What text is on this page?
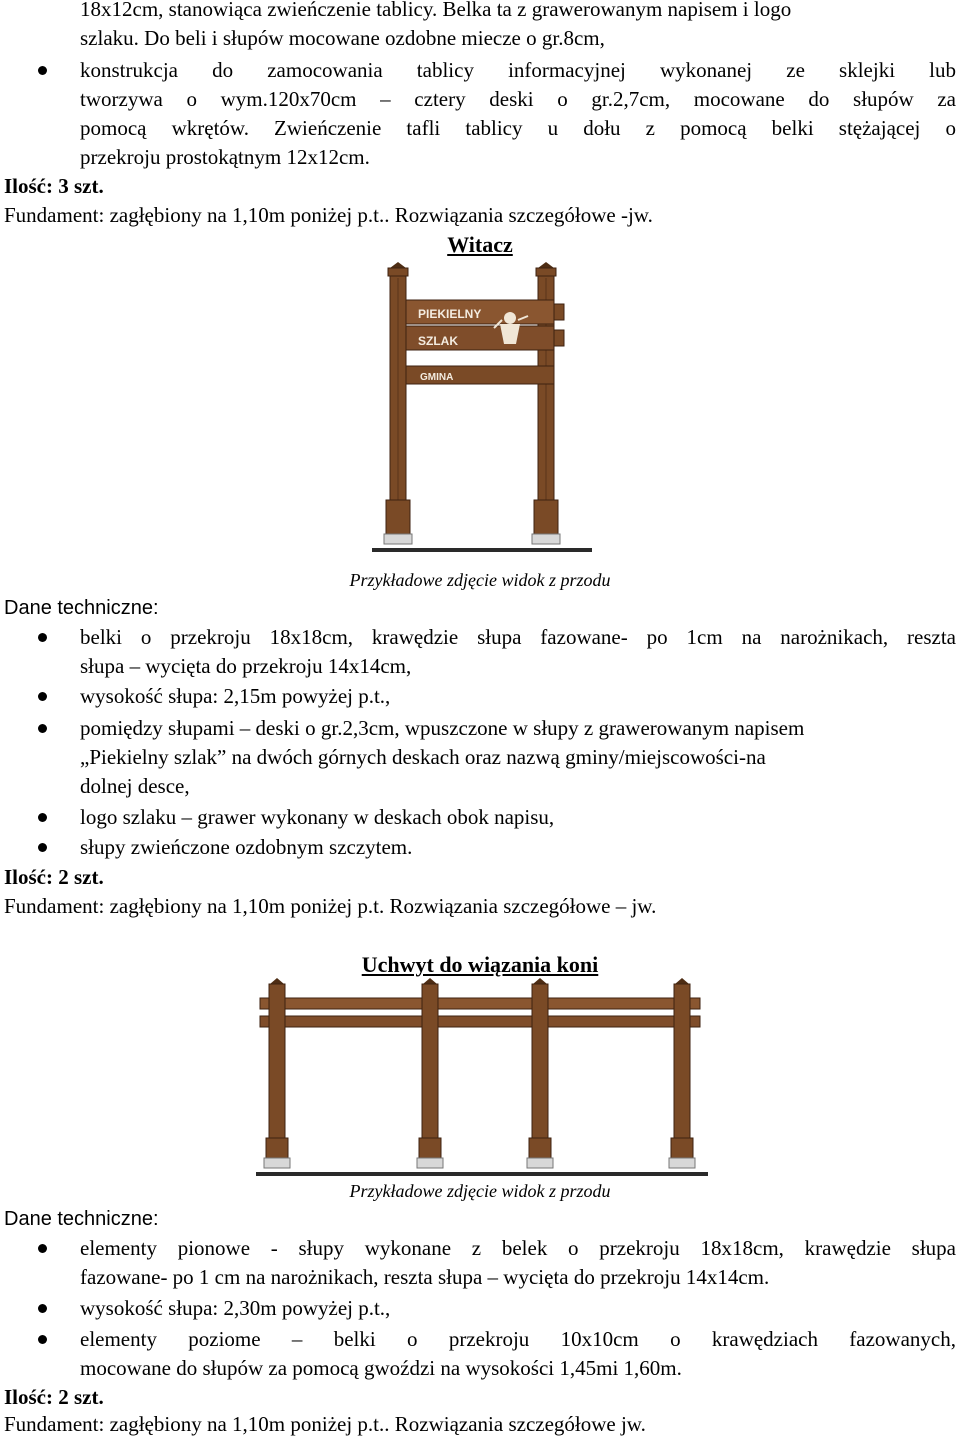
18x12cm, stanowiąca zwieńczenie tablicy. Belka ta z grawerowanym napisem i logo
szlaku. Do beli i słupów mocowane ozdobne miecze o gr.8cm,
konstrukcja do zamocowania tablicy informacyjnej wykonanej ze sklejki lub
tworzywa o wym.120x70cm – cztery deski o gr.2,7cm, mocowane do słupów za
pomocą wkrętów. Zwieńczenie tafli tablicy u dołu z pomocą belki stężającej o
przekroju prostokątnym 12x12cm.
Ilość: 3 szt.
Fundament: zagłębiony na 1,10m poniżej p.t.. Rozwiązania szczegółowe -jw.
Witacz
PIEKIELNY
SZLAK
GMINA
Przykładowe zdjęcie widok z przodu
Dane techniczne:
belki o przekroju 18x18cm, krawędzie słupa fazowane- po 1cm na narożnikach, reszta
słupa – wycięta do przekroju 14x14cm,
wysokość słupa: 2,15m powyżej p.t.,
pomiędzy słupami – deski o gr.2,3cm, wpuszczone w słupy z grawerowanym napisem
„Piekielny szlak” na dwóch górnych deskach oraz nazwą gminy/miejscowości-na
dolnej desce,
logo szlaku – grawer wykonany w deskach obok napisu,
słupy zwieńczone ozdobnym szczytem.
Ilość: 2 szt.
Fundament: zagłębiony na 1,10m poniżej p.t. Rozwiązania szczegółowe – jw.
Uchwyt do wiązania koni
Przykładowe zdjęcie widok z przodu
Dane techniczne:
elementy pionowe - słupy wykonane z belek o przekroju 18x18cm, krawędzie słupa
fazowane- po 1 cm na narożnikach, reszta słupa – wycięta do przekroju 14x14cm.
wysokość słupa: 2,30m powyżej p.t.,
elementy poziome – belki o przekroju 10x10cm o krawędziach fazowanych,
mocowane do słupów za pomocą gwoździ na wysokości 1,45mi 1,60m.
Ilość: 2 szt.
Fundament: zagłębiony na 1,10m poniżej p.t.. Rozwiązania szczegółowe jw.
